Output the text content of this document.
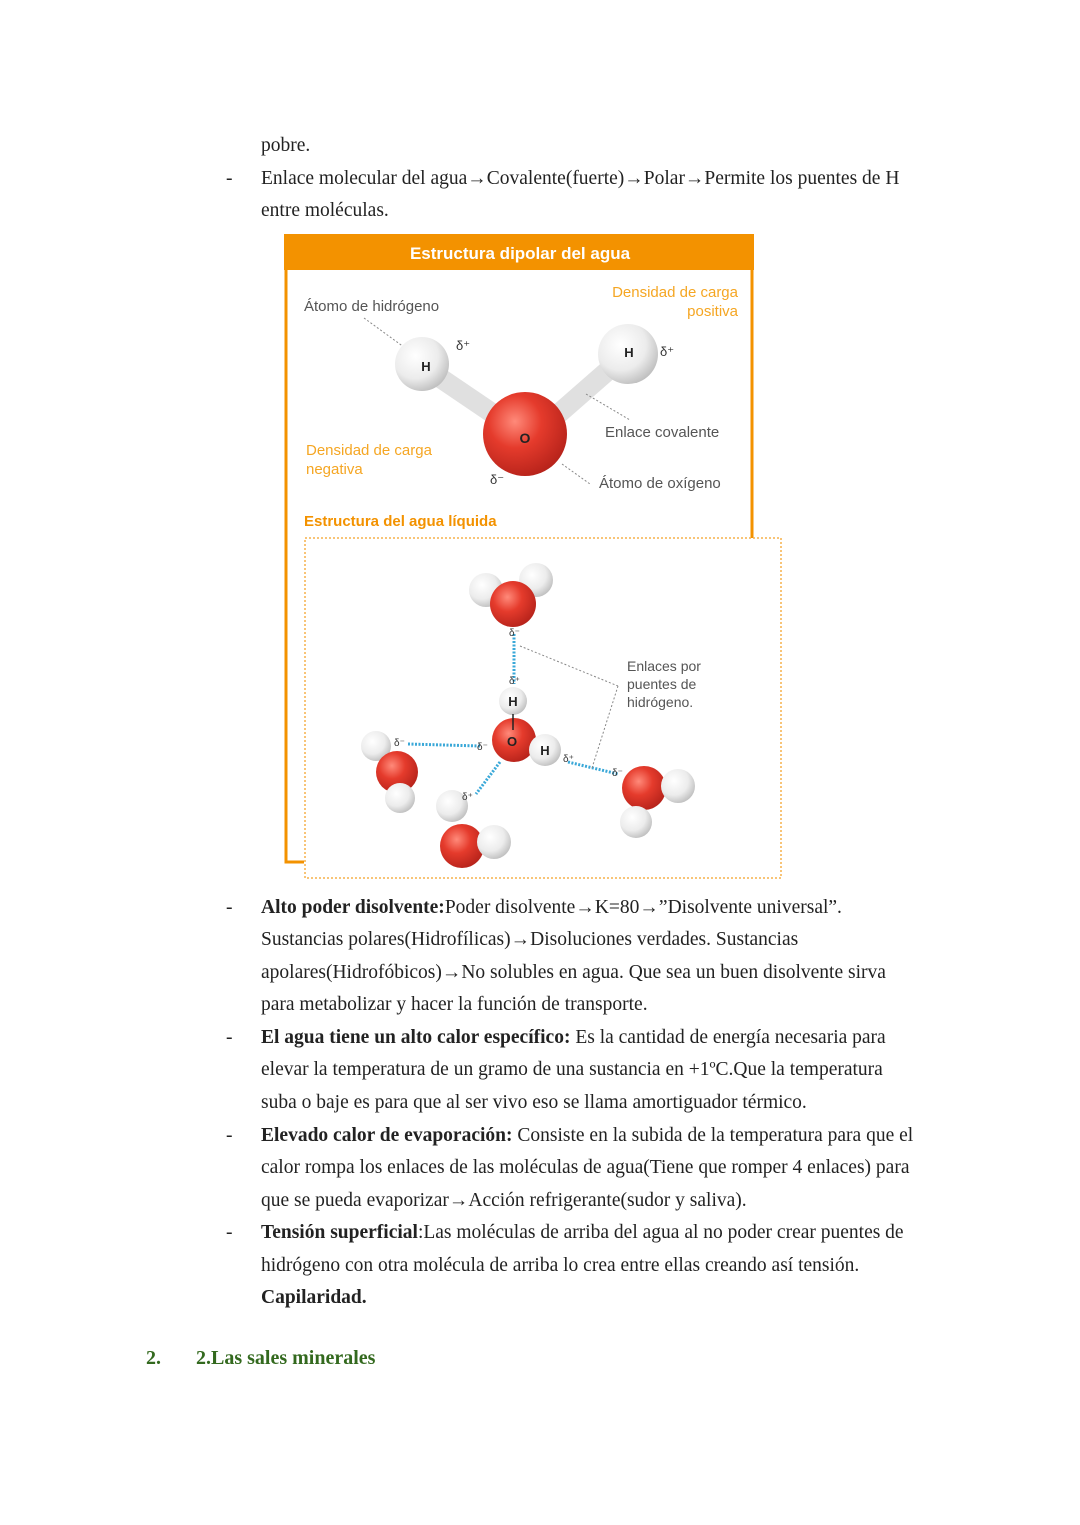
pobre.
- Enlace molecular del agua→Covalente(fuerte)→Polar→Permite los puentes de H
entre moléculas.
Estructura dipolar del agua
Átomo de hidrógeno
Densidad de carga
positiva
H
H
O
δ⁺	δ⁺
δ⁻
Densidad de carga
negativa
Enlace covalente
Átomo de oxígeno
Estructura del agua líquida
Enlaces por
puentes de
hidrógeno.
H
O
H
δ⁻
δ⁺
δ⁻	δ⁻
δ⁺
δ⁻
δ⁺
- Alto poder disolvente:Poder disolvente→K=80→”Disolvente universal”.
Sustancias polares(Hidrofílicas)→Disoluciones verdades. Sustancias
apolares(Hidrofóbicos)→No solubles en agua. Que sea un buen disolvente sirva
para metabolizar y hacer la función de transporte.
- El agua tiene un alto calor específico: Es la cantidad de energía necesaria para
elevar la temperatura de un gramo de una sustancia en +1ºC.Que la temperatura
suba o baje es para que al ser vivo eso se llama amortiguador térmico.
- Elevado calor de evaporación: Consiste en la subida de la temperatura para que el
calor rompa los enlaces de las moléculas de agua(Tiene que romper 4 enlaces) para
que se pueda evaporizar→Acción refrigerante(sudor y saliva).
- Tensión superficial:Las moléculas de arriba del agua al no poder crear puentes de
hidrógeno con otra molécula de arriba lo crea entre ellas creando así tensión.
Capilaridad.
2. 2.Las sales minerales
